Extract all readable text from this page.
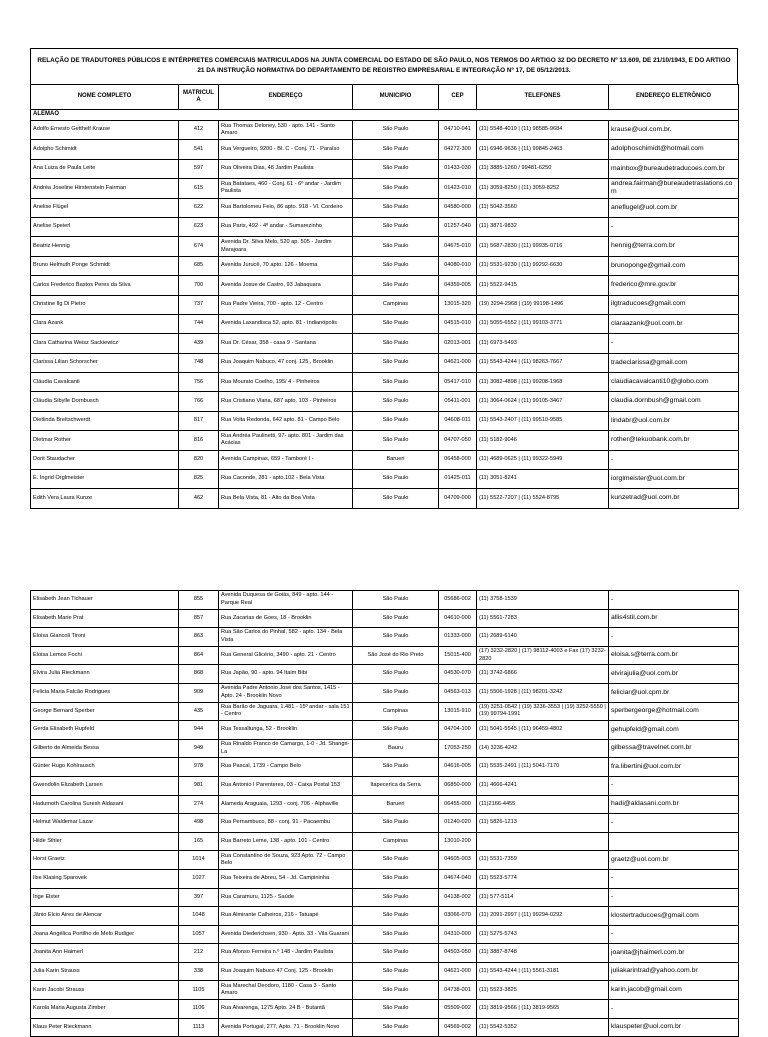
RELAÇÃO DE TRADUTORES PÚBLICOS E INTÉRPRETES COMERCIAIS MATRICULADOS NA JUNTA COMERCIAL DO ESTADO DE SÃO PAULO, NOS TERMOS DO ARTIGO 32 DO DECRETO Nº 13.609, DE 21/10/1943, E DO ARTIGO 21 DA INSTRUÇÃO NORMATIVA DO DEPARTAMENTO DE REGISTRO EMPRESARIAL E INTEGRAÇÃO Nº 17, DE 05/12/2013.
NOME COMPLETO	MATRICULA	ENDEREÇO	MUNICIPIO	CEP	TELEFONES	ENDEREÇO ELETRÔNICO
ALEMÃO						
Adolfo Ernesto Getthelf Krause	412	Rua Thomas Deloney, 530 - apto. 141 - Santo Amaro	São Paulo	04710-041	(11) 5548-4019 | (11) 98585-9684	krause@uol.com.br.
Adolpho Schimidt	541	Rua Vergueiro, 9200 - Bl. C - Conj. 71 - Paraíso	São Paulo	04272-300	(11) 6946-9636 | (11) 99845-2463	adolphoschimidt@hotmail.com
Ana Luiza de Paula Leite	597	Rua Oliveira Dias, 48 Jardim Paulista	São Paulo	01433-030	(11) 3885-1260 / 99481-6250	mainbox@bureaudetraducoes.com.br
Andréa Joseline Hirstenstein Fairman	615	Rua Batataes, 460 - Conj. 61 - 6º andar - Jardim Paulista	São Paulo	01423-010	(11) 3059-8250 | (11) 3059-8252	andrea.fairman@bureaudetraslations.com
Anelise Flügel	622	Rua Bartolomeu Feio, 86 apto. 918 - Vl. Cordeiro	São Paulo	04580-000	(11) 5042-3560	aneflugel@uol.com.br
Anelise Speierl	623	Rua Paris, 492 - 4º andar - Sumarezinho	São Paulo	01257-040	(11) 3871-9832	-
Beatriz Hennig	674	Avenida Dr. Silva Melo, 520 ap. 505 - Jardim Marajoara	São Paulo	04675-010	(11) 5687-2830 | (11) 99935-0716	hennig@terra.com.br
Bruno Helmuth Ponge Schmidt	685	Avenida Jurucê, 70 apto. 126 - Moema	São Paulo	04080-010	(11) 5531-9230 | (11) 99292-6630	brunoponge@gmail.com
Carlos Frederico Bastos Peres da Silva	700	Avenida Josue de Castro, 93 Jabaquara	São Paulo	04359-005	(11) 5522-9415	frederico@mre.gov.br
Christine Ilg Di Pietro	737	Rua Padre Vieira, 700 - apto. 12 - Centro	Campinas	13015-320	(19) 3294-2968 | (19) 99198-1496	ilgtraducoes@gmail.com
Clara Azank	744	Avenida Laxandisca 52, apto. 81 - Indianópolis	São Paulo	04515-010	(11) 5055-6552 | (11) 99103-3771	claraazank@uol.com.br
Clara Catharina Weisz Sackiewicz	439	Rua Dr. César, 358 - casa 9 - Santana	São Paulo	02013-001	(11) 6973-5493	-
Clarissa Lilian Schorscher	748	Rua Joaquim Nabuco, 47 conj. 125 , Brooklin	São Paulo	04621-000	(11) 5543-4244 | (11) 98263-7667	tradeclarissa@gmail.com
Cláudia Cavalcanti	756	Rua Mourato Coelho, 195/ 4 - Pinheiros	São Paulo	05417-010	(11) 3082-4898 | (11) 99208-1968	claudiacavalcanti10@globo.com
Cláudia Sibylle Dornbusch	766	Rua Cristiano Viana, 687 apto. 103 - Pinheiros	São Paulo	05411-001	(11) 3064-0624 | (11) 99105-3467	claudia.dornbush@gmail.com
Dietlinda Breitschwerdt	817	Rua Volta Redonda, 642 apto. 81 - Campo Belo	São Paulo	04608-011	(11) 5543-2407 | (11) 99510-9585	lindabr@uol.com.br
Dietmar Rother	816	Rua Andréa Paulinetti, 97- apto. 801 - Jardim das Acácias	São Paulo	04707-050	(11) 5182-9046	rother@tekuobank.com.br
Dorit Staudacher	820	Avenida Campinas, 659 - Tamboré I -	Barueri	06458-000	(11) 4689-0625 | (11) 99322-5949	-
E. Ingrid Orglmeister	825	Rua Caconde, 281 - apto.102 - Bela Vista	São Paulo	01425-011	(11) 3051-8241	iorglmeister@uol.com.br
Edith Vera Laura Kunze	462	Rua Bela Vista, 81 - Alto da Boa Vista	São Paulo	04709-000	(11) 5522-7207 | (11) 5524-8795	kunzetrad@uol.com.br
Elisabeth Jean Tichauer	855	Avenida Duquesa de Goiás, 849 - apto. 144 - Parque Real	São Paulo	05686-002	(11) 3758-1539	-
Elisabeth Marie Prat	857	Rua Zacarias de Goes, 18 - Brooklin	São Paulo	04610-000	(11) 5561-7283	allis4stil.com.br
Eloisa Giancoli Tironi	863	Rua São Carlos do Pinhal, 582 - apto. 134 - Bela Vista	São Paulo	01333-000	(11) 2689-6140	-
Eloisa Lemos Fochi	864	Rua General Glicério, 3490 - apto. 21 - Centro	São José do Rio Preto	15015-400	(17) 3232-2820 | (17) 98112-4003 e Fax (17) 3232-2820	eloisa.s@terra.com.br
Elvira Julia Rieckmann	868	Rua Japão, 90 - apto. 94 Itaim Bibi	São Paulo	04530-070	(11) 3742-6866	elvirajulia@uol.com.br
Felicia Maria Falcão Rodrigues	909	Avenida Padre Antonio José dos Santos, 1415 - Apto. 24 - Brooklin Novo	São Paulo	04563-013	(11) 5506-1928 | (11) 98201-3242	feliciar@uol.cpm.br
George Bernard Sperber	435	Rua Barão de Jaguara, 1.481 - 15º andar - sala 151 - Centro	Campinas	13015-910	(19) 3251-0542 | (19) 3236-3553 | (19) 3252-5550 | (19) 99794-1991	sperbergeorge@hotmail.com
Gerda Elisabeth Hupfeld	944	Rua Tessaltunga, 52 - Brooklin	São Paulo	04704-100	(11) 5041-5545 | (11) 96459-4802	gehupfeld@gmail.com
Gilberto de Almeida Bessa	949	Rua Rinaldo Franco de Camargo, 1-0 - Jd. Shangri-La	Bauru	17053-250	(14) 3236-4242	gilbessa@travelnet.com.br
Günter Hugo Kohlrausch	978	Rua Pascal, 1739 - Campo Belo	São Paulo	04616-005	(11) 5535-2491 | (11) 5041-7170	fra.libertini@uol.com.br
Gwendolin Elizabeth Larsen	981	Rua Antonio I Parenteres, 03 - Caixa Postal 153	Itapecerica da Serra	06850-000	(11) 4666-4241	-
Hadumoth Carolina Suresh Aldasani	274	Alameda Araguaia, 1293 - conj. 706 - Alphaville	Barueri	06455-000	(11)2166-4455	hadi@aldasani.com.br
Helmut Waldemar Lazar	498	Rua Pernambuco, 88 - conj. 91 - Pacaembu	São Paulo	01240-020	(11) 5826-1213	-
Hilde Sihler	165	Rua Barreto Leme, 138 - apto. 101 - Centro	Campinas	13010-200		
Horst Graetz	1014	Rua Constantino de Souza, 923 Apto. 72 - Campo Belo	São Paulo	04605-003	(11) 5531-7359	graetz@uol.com.br
Ilse Klasing Sparovek	1027	Rua Teixeira de Abreu, 54 - Jd. Campininha	São Paulo	04674-040	(11) 5523-5774	-
Inge Elster	397	Rua Caramuru, 1125 - Saúde	São Paulo	04138-002	(11) 577-5114	-
Jânio Elcio Aires de Alencar	1048	Rua Almirante Calheiros, 216 - Tatuapé	São Paulo	03066-070	(11) 2091-2997 | (11) 99294-0292	klostertraducoes@gmail.com
Joana Angélica Portilho de Melo Rudiger	1057	Avenida Diederichsen, 930 - Apto. 33 - Vila Guarani	São Paulo	04310-000	(11) 5275-5743	-
Joanita Ann Haimerl	212	Rua Afonso Ferreira n.º 148 - Jardim Paulista	São Paulo	04503-050	(11) 3887-8748	joanita@jhaimerl.com.br
Julia Karin Strauss	338	Rua Joaquim Nabuco 47 Conj. 125 - Brooklin	São Paulo	04621-000	(11) 5543-4244 | (11) 5561-3181	juliakarintrad@yahoo.com.br
Karin Jacobi Strauss	1105	Rua Marechal Deodoro, 1180 - Casa 3 - Santo Amaro	São Paulo	04738-001	(11) 5523-3825	karin.jacob@gmail.com
Karola Maria Augusta Zimber	1106	Rua Alvarenga, 1275 Apto. 24 B - Butantã	São Paulo	05509-002	(11) 3819-9566 | (11) 3819-9565	-
Klaus Peter Rieckmann	1113	Avenida Portugal, 277, Apto. 71 - Brooklin Novo	São Paulo	04569-002	(11) 5542-5352	klauspeter@uol.com.br
